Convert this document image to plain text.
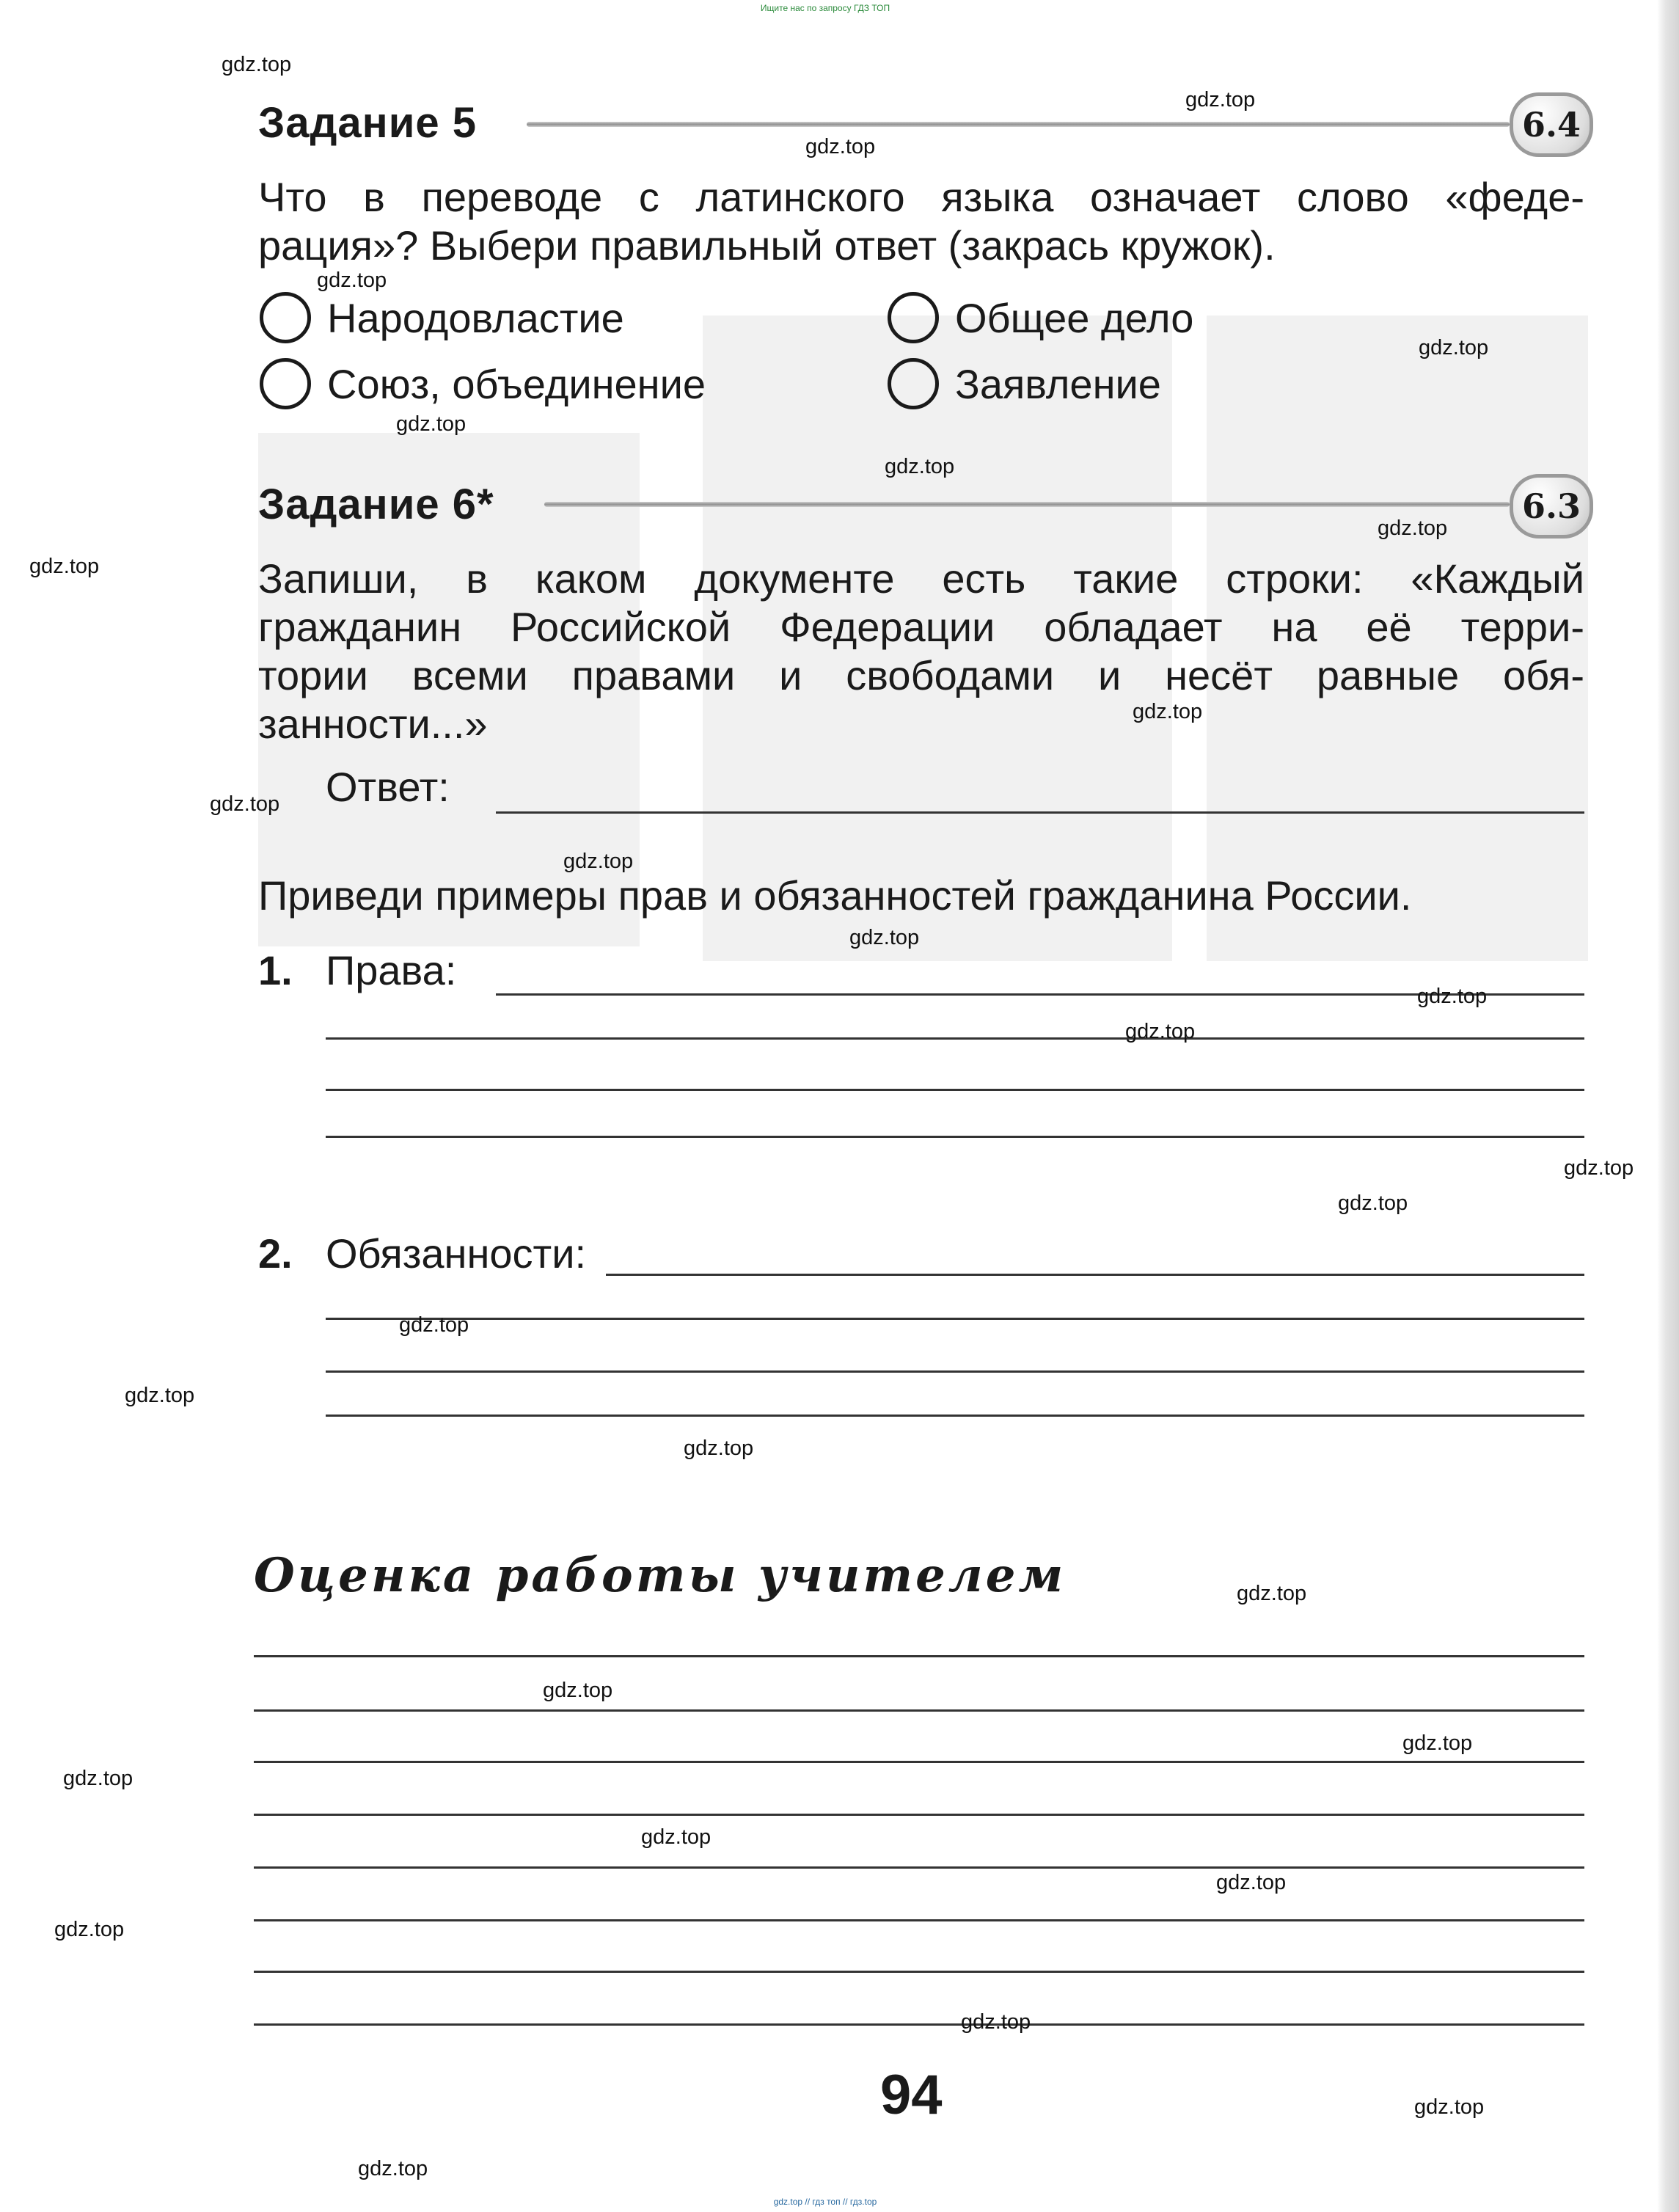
Ищите нас по запросу ГДЗ ТОП
Задание 5	6.4
Что в переводе с латинского языка означает слово «феде-
рация»? Выбери правильный ответ (закрась кружок).
Народовластие	Общее дело
Союз, объединение	Заявление
Задание 6*	6.3
Запиши, в каком документе есть такие строки: «Каждый
гражданин Российской Федерации обладает на её терри-
тории всеми правами и свободами и несёт равные обя-
занности...»
Ответ:
Приведи примеры прав и обязанностей гражданина России.
1. Права:
2. Обязанности:
Оценка работы учителем
94
gdz.top // гдз топ // гдз.top
gdz.top
gdz.top
gdz.top
gdz.top
gdz.top
gdz.top
gdz.top
gdz.top
gdz.top
gdz.top
gdz.top
gdz.top
gdz.top
gdz.top
gdz.top
gdz.top
gdz.top
gdz.top
gdz.top
gdz.top
gdz.top
gdz.top
gdz.top
gdz.top
gdz.top
gdz.top
gdz.top
gdz.top
gdz.top
gdz.top
